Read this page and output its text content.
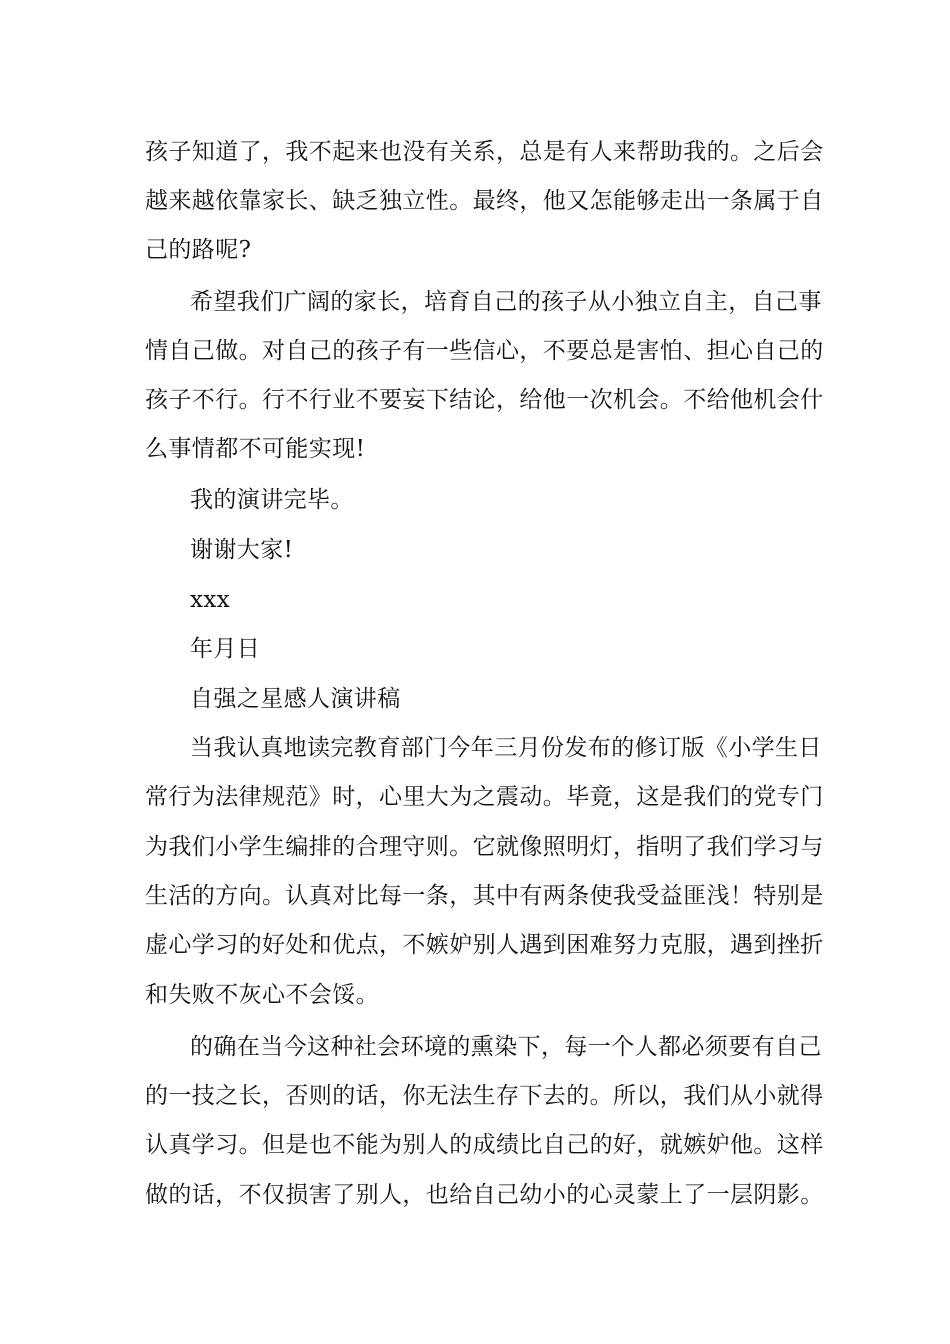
孩子知道了，我不起来也没有关系，总是有人来帮助我的。之后会
越来越依靠家长、缺乏独立性。最终，他又怎能够走出一条属于自
己的路呢?
希望我们广阔的家长，培育自己的孩子从小独立自主，自己事
情自己做。对自己的孩子有一些信心，不要总是害怕、担心自己的
孩子不行。行不行业不要妄下结论，给他一次机会。不给他机会什
么事情都不可能实现!
我的演讲完毕。
谢谢大家!
xxx
年月日
自强之星感人演讲稿
当我认真地读完教育部门今年三月份发布的修订版《小学生日
常行为法律规范》时，心里大为之震动。毕竟，这是我们的党专门
为我们小学生编排的合理守则。它就像照明灯，指明了我们学习与
生活的方向。认真对比每一条，其中有两条使我受益匪浅！特别是
虚心学习的好处和优点，不嫉妒别人遇到困难努力克服，遇到挫折
和失败不灰心不会馁。
的确在当今这种社会环境的熏染下，每一个人都必须要有自己
的一技之长，否则的话，你无法生存下去的。所以，我们从小就得
认真学习。但是也不能为别人的成绩比自己的好，就嫉妒他。这样
做的话，不仅损害了别人，也给自己幼小的心灵蒙上了一层阴影。
